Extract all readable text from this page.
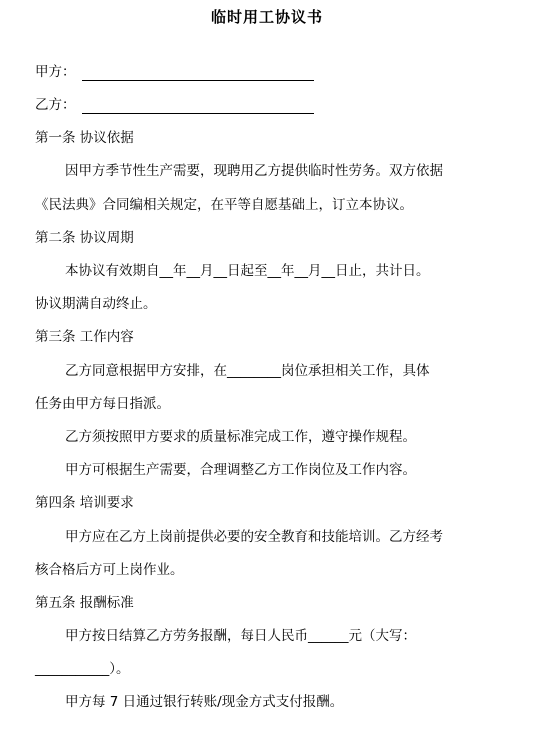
临时用工协议书
甲方：
乙方：
第一条 协议依据
因甲方季节性生产需要，现聘用乙方提供临时性劳务。双方依据
《民法典》合同编相关规定，在平等自愿基础上，订立本协议。
第二条 协议周期
本协议有效期自__年__月__日起至__年__月__日止，共计日。
协议期满自动终止。
第三条 工作内容
乙方同意根据甲方安排，在________岗位承担相关工作，具体
任务由甲方每日指派。
乙方须按照甲方要求的质量标准完成工作，遵守操作规程。
甲方可根据生产需要，合理调整乙方工作岗位及工作内容。
第四条 培训要求
甲方应在乙方上岗前提供必要的安全教育和技能培训。乙方经考
核合格后方可上岗作业。
第五条 报酬标准
甲方按日结算乙方劳务报酬，每日人民币______元（大写：
___________）。
甲方每 7 日通过银行转账/现金方式支付报酬。
